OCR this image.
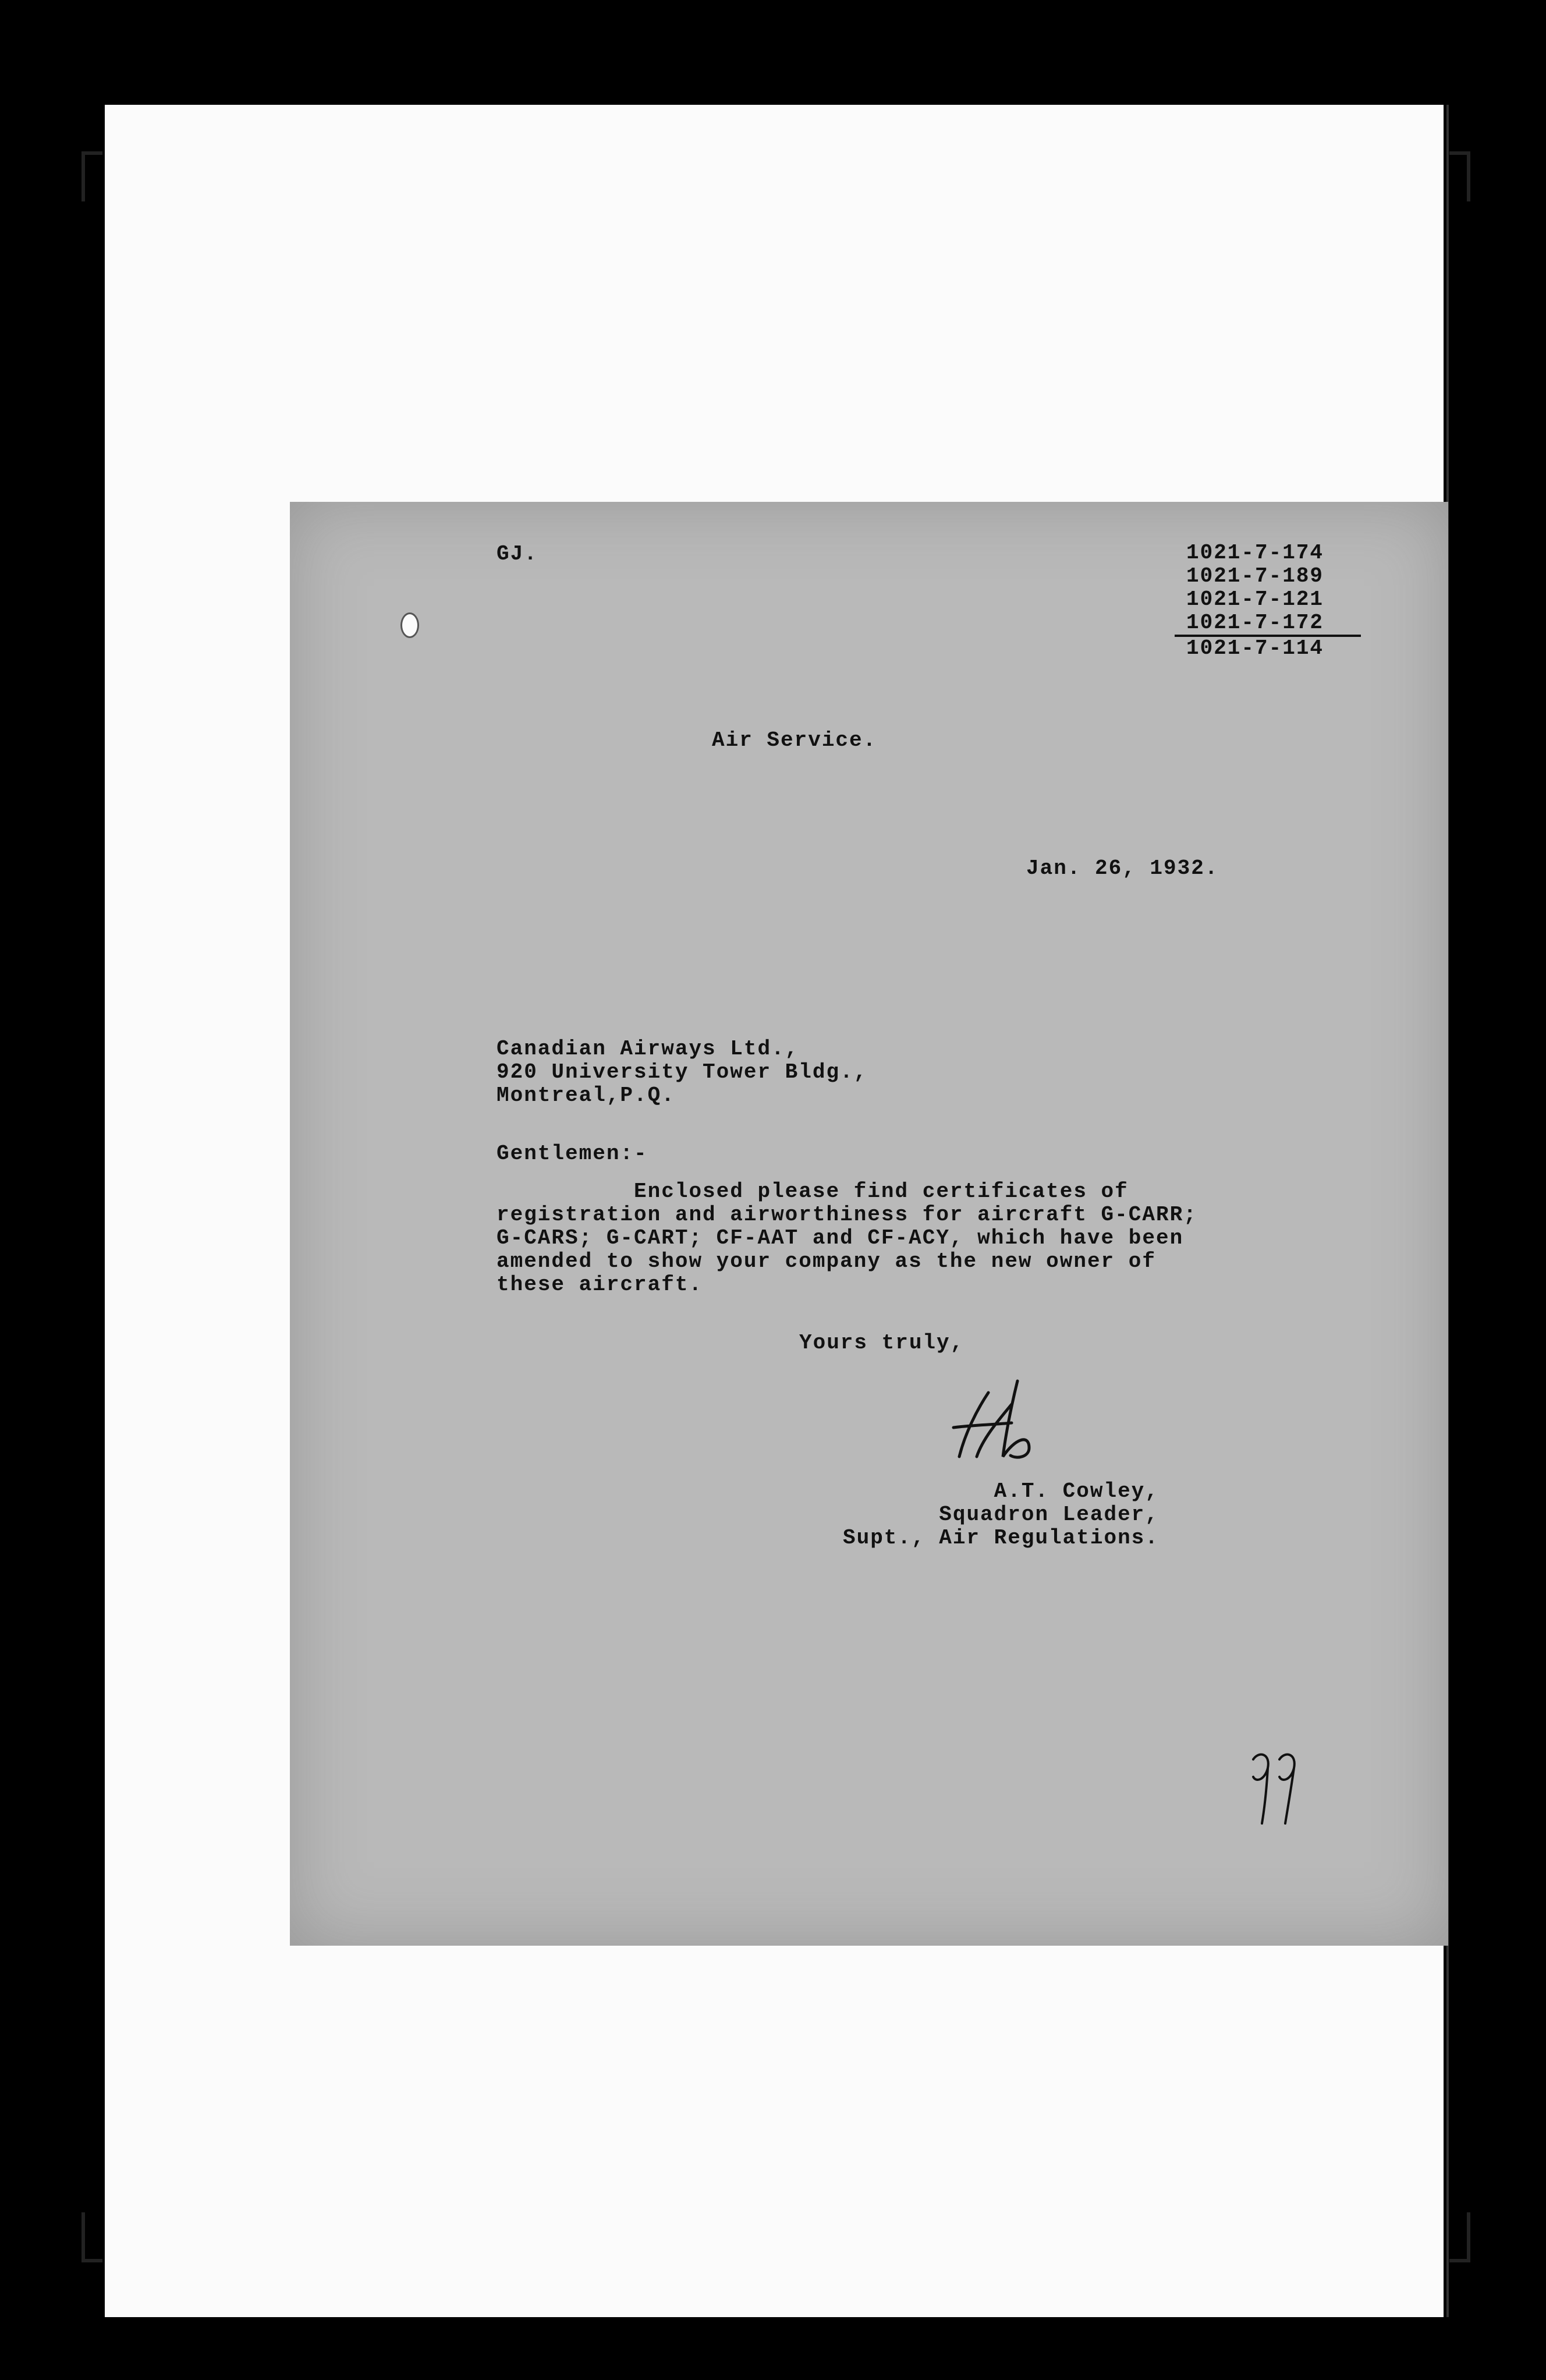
GJ.	1021-7-174
1021-7-189
1021-7-121
1021-7-172
1021-7-114
Air Service.
Jan. 26, 1932.
Canadian Airways Ltd.,
920 University Tower Bldg.,
Montreal,P.Q.
Gentlemen:-
Enclosed please find certificates of
registration and airworthiness for aircraft G-CARR;
G-CARS; G-CART; CF-AAT and CF-ACY, which have been
amended to show your company as the new owner of
these aircraft.
Yours truly,
A.T. Cowley,
Squadron Leader,
Supt., Air Regulations.
